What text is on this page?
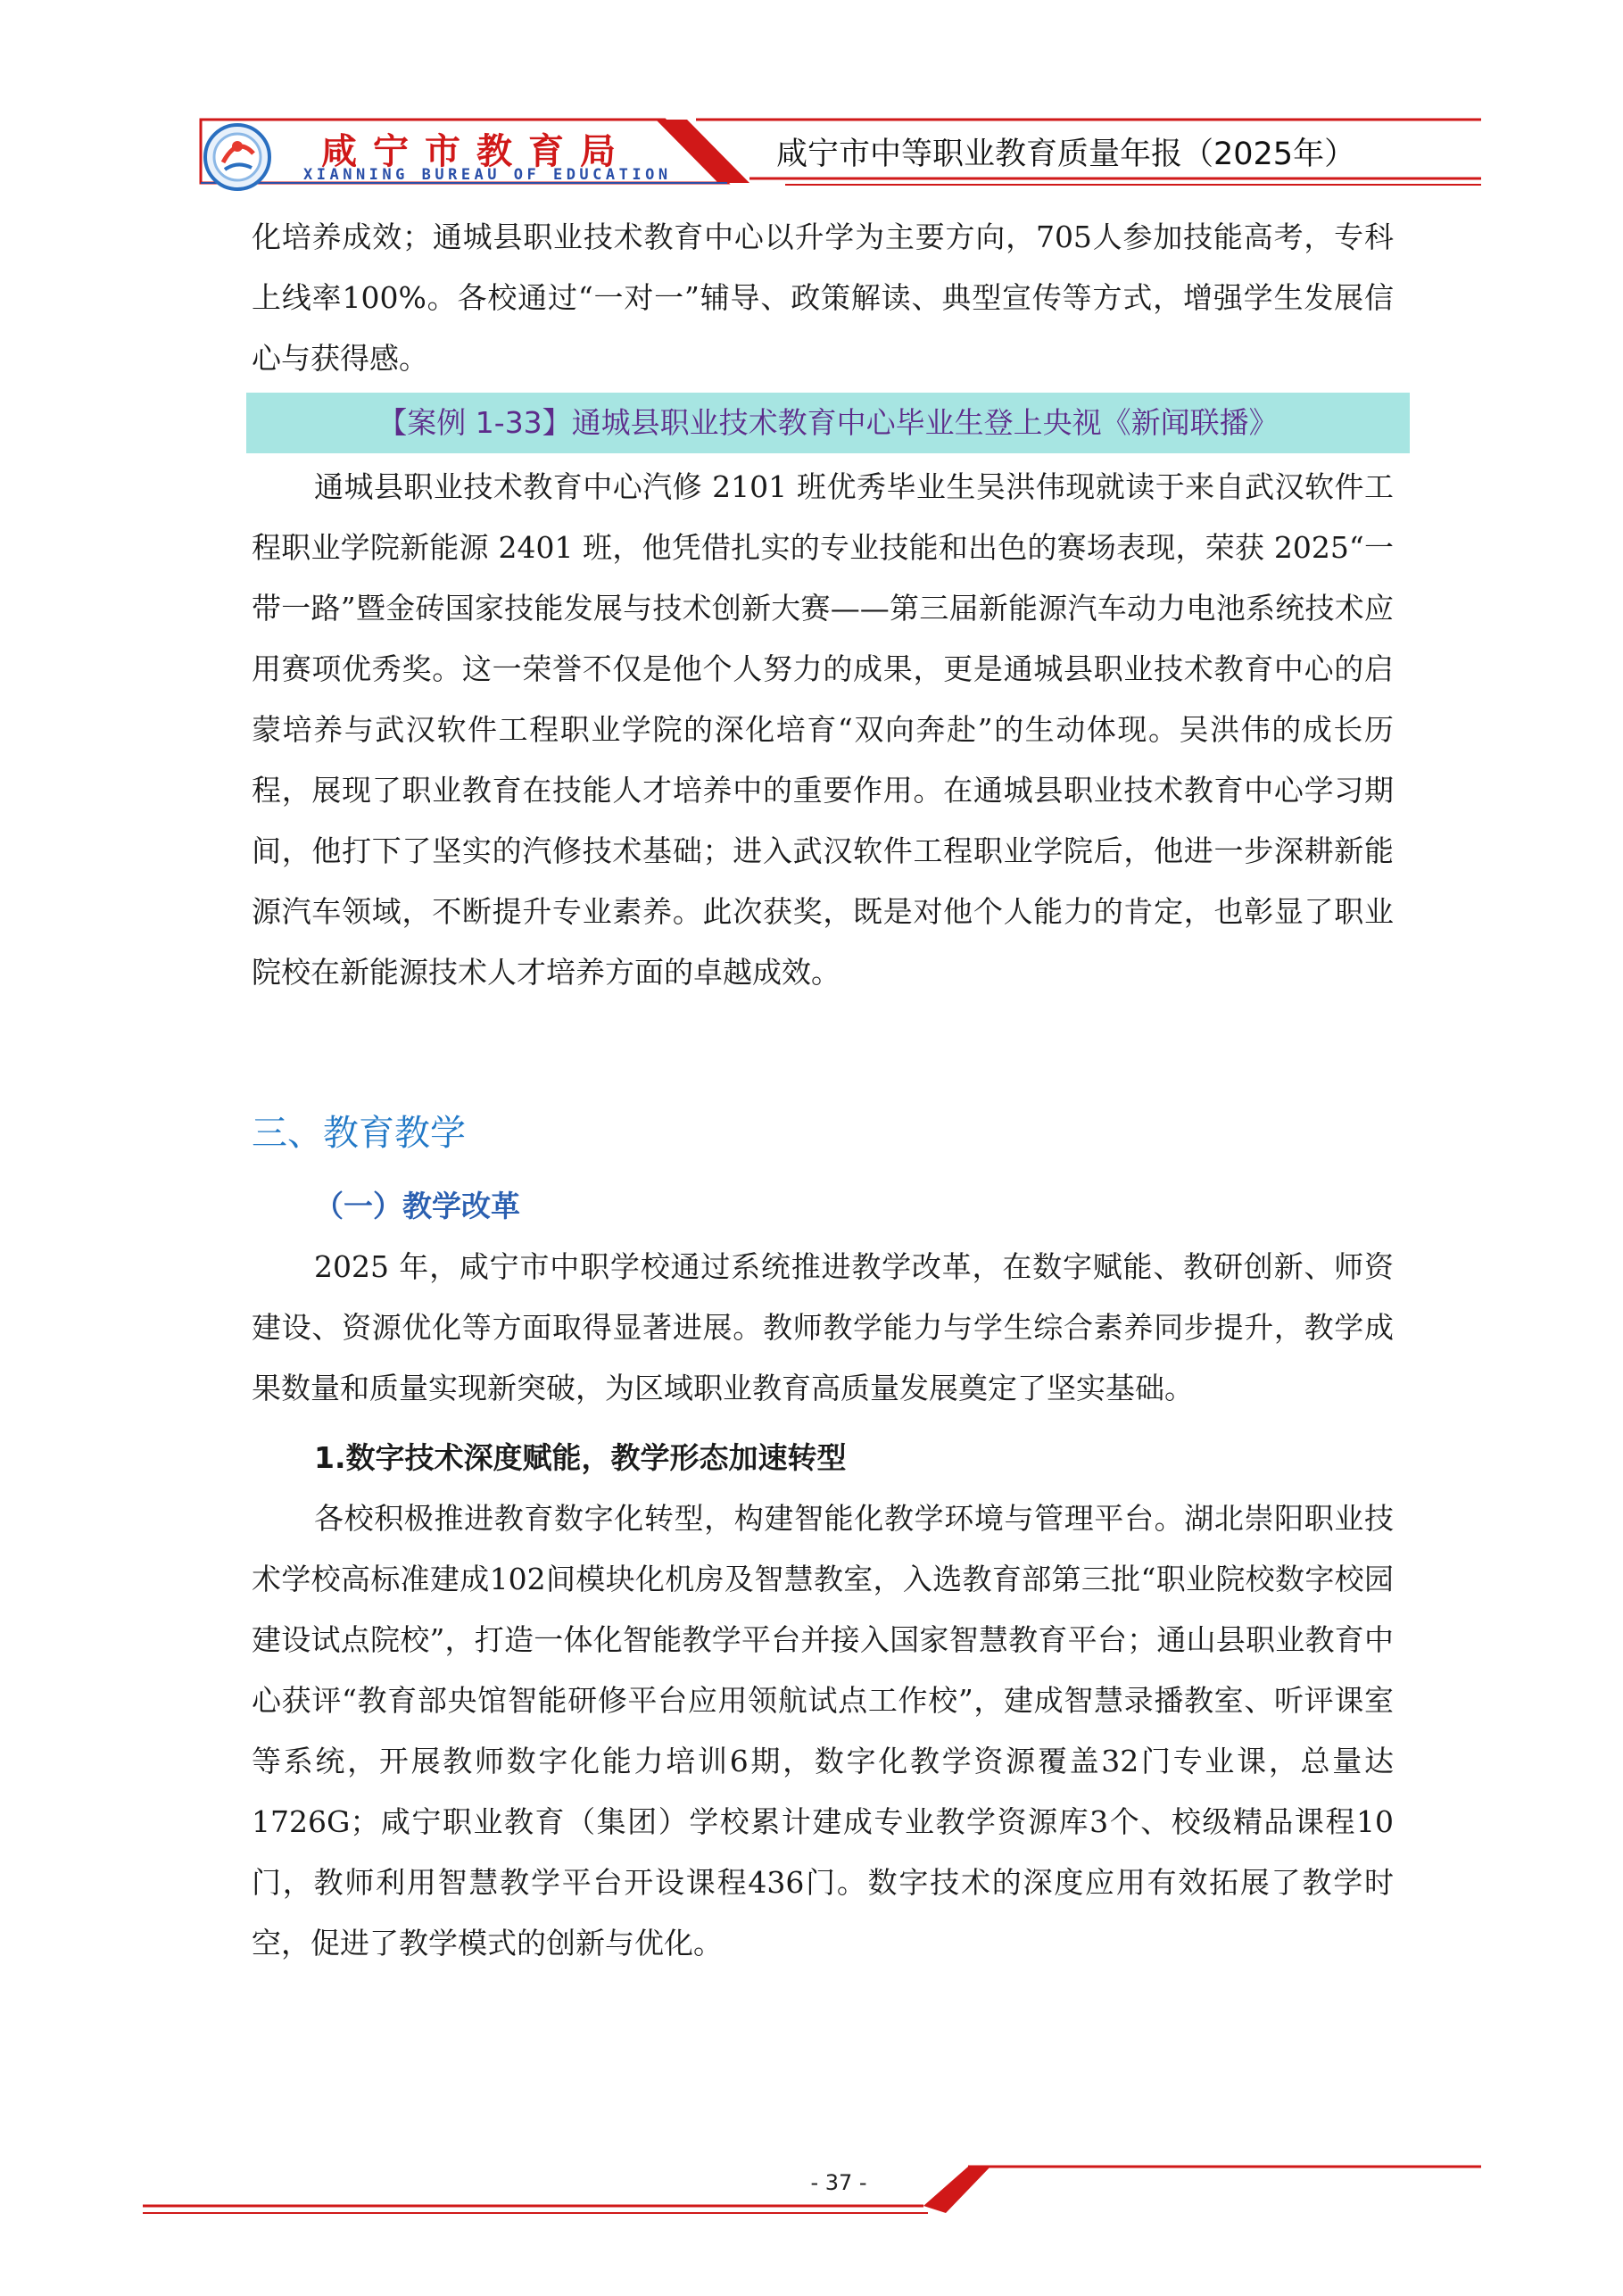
咸宁市教育局
XIANNING BUREAU OF EDUCATION
咸宁市中等职业教育质量年报（2025年）

化培养成效；通城县职业技术教育中心以升学为主要方向，705人参加技能高考，专科上线率100%。各校通过“一对一”辅导、政策解读、典型宣传等方式，增强学生发展信心与获得感。

【案例 1-33】通城县职业技术教育中心毕业生登上央视《新闻联播》

通城县职业技术教育中心汽修 2101 班优秀毕业生吴洪伟现就读于来自武汉软件工程职业学院新能源 2401 班，他凭借扎实的专业技能和出色的赛场表现，荣获 2025“一带一路”暨金砖国家技能发展与技术创新大赛——第三届新能源汽车动力电池系统技术应用赛项优秀奖。这一荣誉不仅是他个人努力的成果，更是通城县职业技术教育中心的启蒙培养与武汉软件工程职业学院的深化培育“双向奔赴”的生动体现。吴洪伟的成长历程，展现了职业教育在技能人才培养中的重要作用。在通城县职业技术教育中心学习期间，他打下了坚实的汽修技术基础；进入武汉软件工程职业学院后，他进一步深耕新能源汽车领域，不断提升专业素养。此次获奖，既是对他个人能力的肯定，也彰显了职业院校在新能源技术人才培养方面的卓越成效。

三、教育教学
（一）教学改革

2025 年，咸宁市中职学校通过系统推进教学改革，在数字赋能、教研创新、师资建设、资源优化等方面取得显著进展。教师教学能力与学生综合素养同步提升，教学成果数量和质量实现新突破，为区域职业教育高质量发展奠定了坚实基础。

1.数字技术深度赋能，教学形态加速转型

各校积极推进教育数字化转型，构建智能化教学环境与管理平台。湖北崇阳职业技术学校高标准建成102间模块化机房及智慧教室，入选教育部第三批“职业院校数字校园建设试点院校”，打造一体化智能教学平台并接入国家智慧教育平台；通山县职业教育中心获评“教育部央馆智能研修平台应用领航试点工作校”，建成智慧录播教室、听评课室等系统，开展教师数字化能力培训6期，数字化教学资源覆盖32门专业课，总量达1726G；咸宁职业教育（集团）学校累计建成专业教学资源库3个、校级精品课程10门，教师利用智慧教学平台开设课程436门。数字技术的深度应用有效拓展了教学时空，促进了教学模式的创新与优化。

- 37 -
